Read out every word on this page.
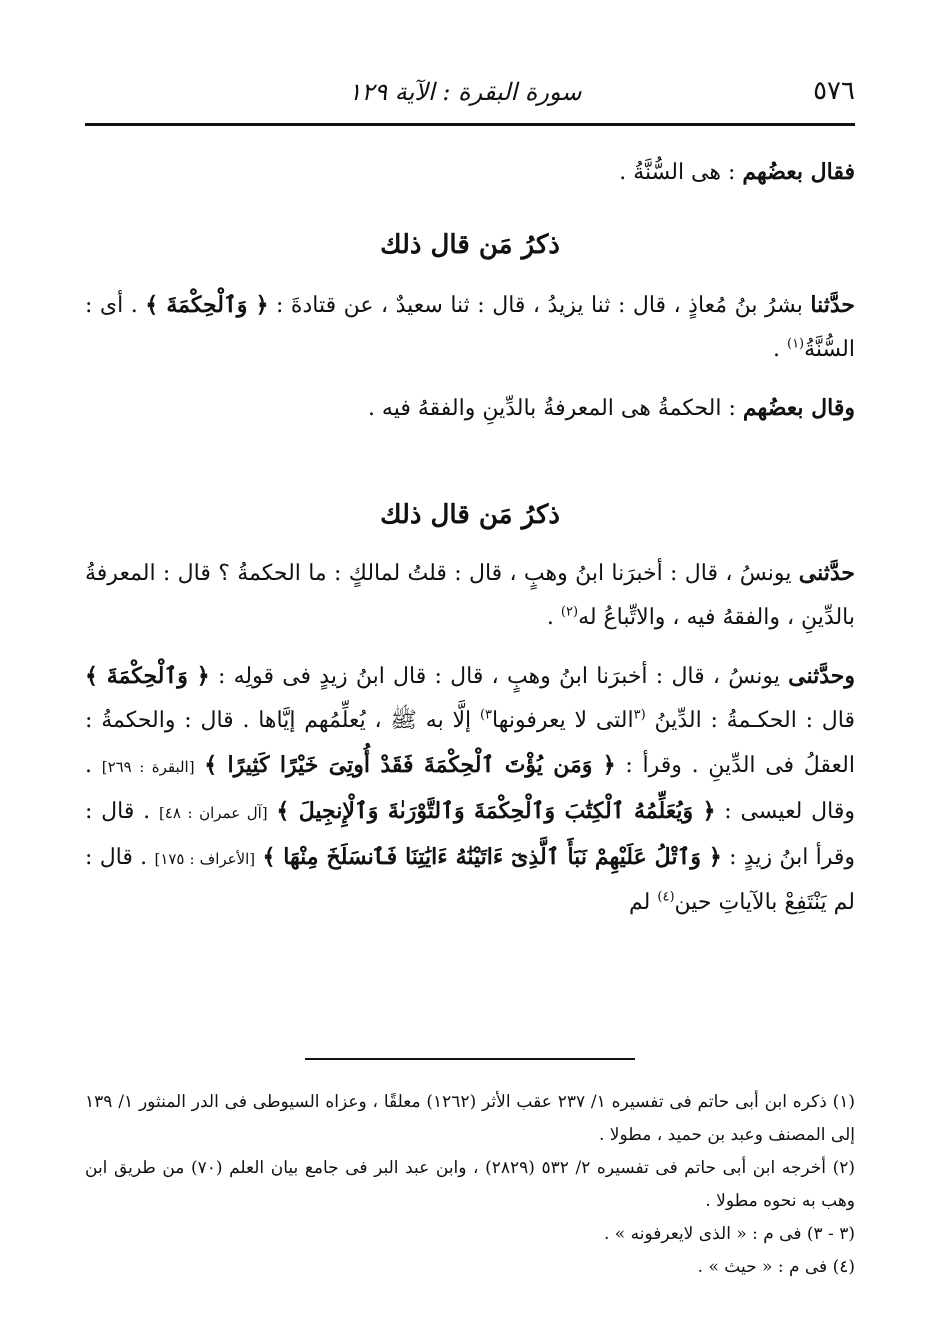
٥٧٦
سورة البقرة : الآية ١٢٩

فقال بعضُهم : هى السُّنَّةُ .

ذكرُ مَن قال ذلك

حدَّثنا بشرُ بنُ مُعاذٍ ، قال : ثنا يزيدُ ، قال : ثنا سعيدٌ ، عن قتادةَ : ﴿ وَٱلْحِكْمَةَ ﴾ . أى : السُّنَّةُ$^{(١)}$ .

وقال بعضُهم : الحكمةُ هى المعرفةُ بالدِّينِ والفقهُ فيه .

ذكرُ مَن قال ذلك

حدَّثنى يونسُ ، قال : أخبرَنا ابنُ وهبٍ ، قال : قلتُ لمالكٍ : ما الحكمةُ ؟ قال : المعرفةُ بالدِّينِ ، والفقهُ فيه ، والاتِّباعُ له$^{(٢)}$ .

وحدَّثنى يونسُ ، قال : أخبرَنا ابنُ وهبٍ ، قال : قال ابنُ زيدٍ فى قولِه : ﴿ وَٱلْحِكْمَةَ ﴾ قال : الحكـمةُ : الدِّينُ $^{(٣}$التى لا يعرفونها$^{٣)}$ إلَّا به ﷺ ، يُعلِّمُهم إيَّاها . قال : والحكمةُ : العقلُ فى الدِّينِ . وقرأ : ﴿ وَمَن يُؤْتَ ٱلْحِكْمَةَ فَقَدْ أُوتِىَ خَيْرًا كَثِيرًا ﴾ [البقرة : ٢٦٩] . وقال لعيسى : ﴿ وَيُعَلِّمُهُ ٱلْكِتَٰبَ وَٱلْحِكْمَةَ وَٱلتَّوْرَىٰةَ وَٱلْإِنجِيلَ ﴾ [آل عمران : ٤٨] . قال : وقرأ ابنُ زيدٍ : ﴿ وَٱتْلُ عَلَيْهِمْ نَبَأَ ٱلَّذِىٓ ءَاتَيْنَٰهُ ءَايَٰتِنَا فَٱنسَلَخَ مِنْهَا ﴾ [الأعراف : ١٧٥] . قال : لم يَنْتَفِعْ بالآياتِ حين$^{(٤)}$ لم

(١) ذكره ابن أبى حاتم فى تفسيره ١/ ٢٣٧ عقب الأثر (١٢٦٢) معلقًا ، وعزاه السيوطى فى الدر المنثور ١/ ١٣٩ إلى المصنف وعبد بن حميد ، مطولا .

(٢) أخرجه ابن أبى حاتم فى تفسيره ٢/ ٥٣٢ (٢٨٢٩) ، وابن عبد البر فى جامع بيان العلم (٧٠) من طريق ابن وهب به نحوه مطولا .

(٣ - ٣) فى م : « الذى لايعرفونه » .

(٤) فى م : « حيث » .
